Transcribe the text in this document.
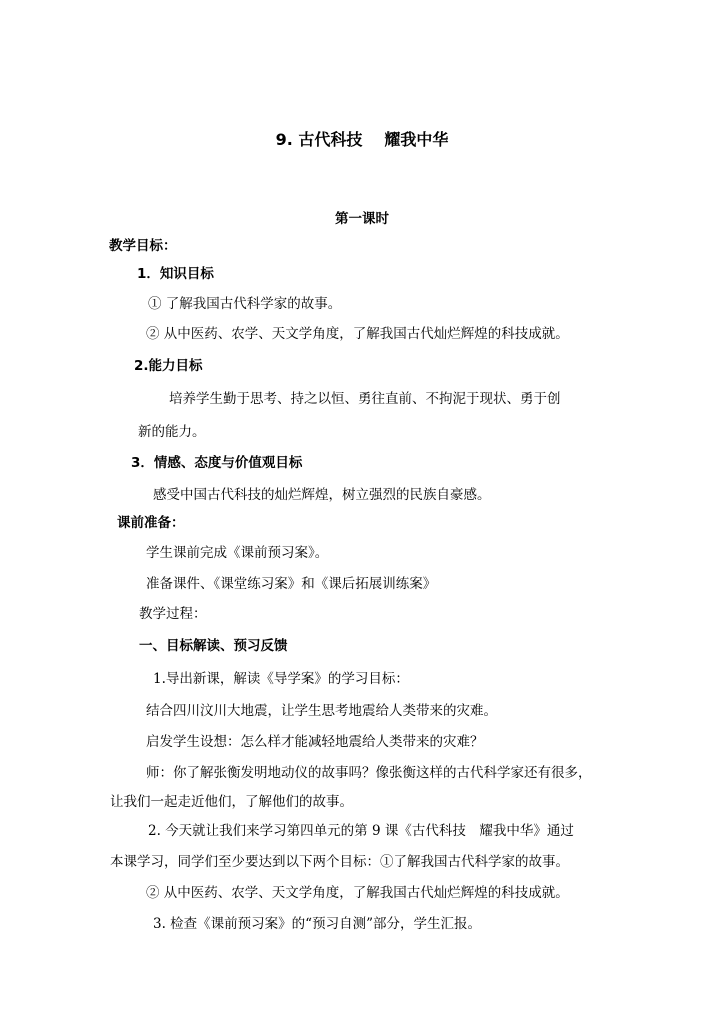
9. 古代科技 耀我中华
第一课时
教学目标：
1．知识目标
① 了解我国古代科学家的故事。
② 从中医药、农学、天文学角度，了解我国古代灿烂辉煌的科技成就。
2.能力目标
培养学生勤于思考、持之以恒、勇往直前、不拘泥于现状、勇于创
新的能力。
3．情感、态度与价值观目标
感受中国古代科技的灿烂辉煌，树立强烈的民族自豪感。
课前准备：
学生课前完成《课前预习案》。
准备课件、《课堂练习案》和《课后拓展训练案》
教学过程：
一、目标解读、预习反馈
1.导出新课，解读《导学案》的学习目标：
结合四川汶川大地震，让学生思考地震给人类带来的灾难。
启发学生设想：怎么样才能减轻地震给人类带来的灾难？
师：你了解张衡发明地动仪的故事吗？像张衡这样的古代科学家还有很多，
让我们一起走近他们，了解他们的故事。
2. 今天就让我们来学习第四单元的第 9 课《古代科技　耀我中华》通过
本课学习，同学们至少要达到以下两个目标：①了解我国古代科学家的故事。
② 从中医药、农学、天文学角度，了解我国古代灿烂辉煌的科技成就。
3. 检查《课前预习案》的“预习自测”部分，学生汇报。
